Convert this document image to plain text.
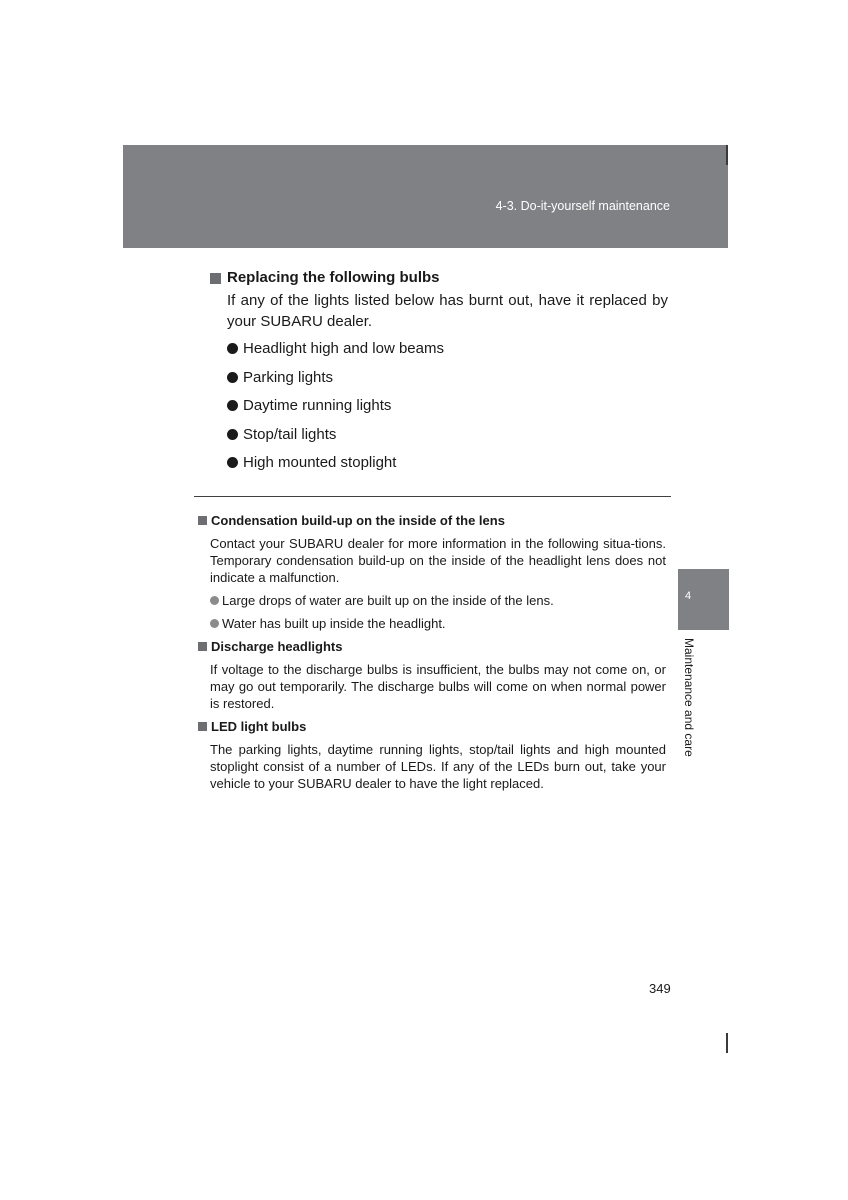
4-3. Do-it-yourself maintenance
Replacing the following bulbs

If any of the lights listed below has burnt out, have it replaced by your SUBARU dealer.

Headlight high and low beams
Parking lights
Daytime running lights
Stop/tail lights
High mounted stoplight
Condensation build-up on the inside of the lens

Contact your SUBARU dealer for more information in the following situa-tions. Temporary condensation build-up on the inside of the headlight lens does not indicate a malfunction.

Large drops of water are built up on the inside of the lens.
Water has built up inside the headlight.
Discharge headlights

If voltage to the discharge bulbs is insufficient, the bulbs may not come on, or may go out temporarily. The discharge bulbs will come on when normal power is restored.

LED light bulbs

The parking lights, daytime running lights, stop/tail lights and high mounted stoplight consist of a number of LEDs. If any of the LEDs burn out, take your vehicle to your SUBARU dealer to have the light replaced.

4
Maintenance and care
349
